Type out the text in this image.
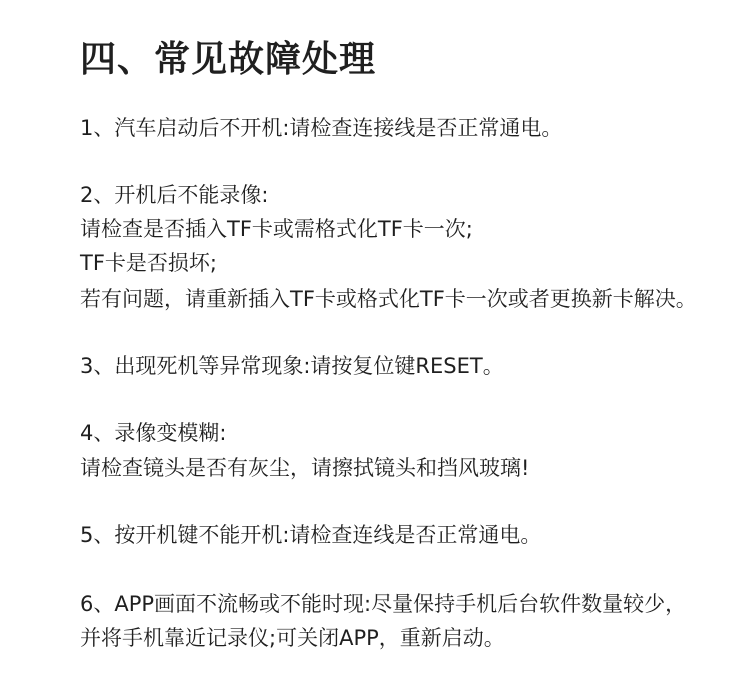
四、常见故障处理
1、汽车启动后不开机:请检查连接线是否正常通电。
2、开机后不能录像:
请检查是否插入TF卡或需格式化TF卡一次;
TF卡是否损坏;
若有问题，请重新插入TF卡或格式化TF卡一次或者更换新卡解决。
3、出现死机等异常现象:请按复位键RESET。
4、录像变模糊:
请检查镜头是否有灰尘，请擦拭镜头和挡风玻璃!
5、按开机键不能开机:请检查连线是否正常通电。
6、APP画面不流畅或不能时现:尽量保持手机后台软件数量较少，
并将手机靠近记录仪;可关闭APP，重新启动。
